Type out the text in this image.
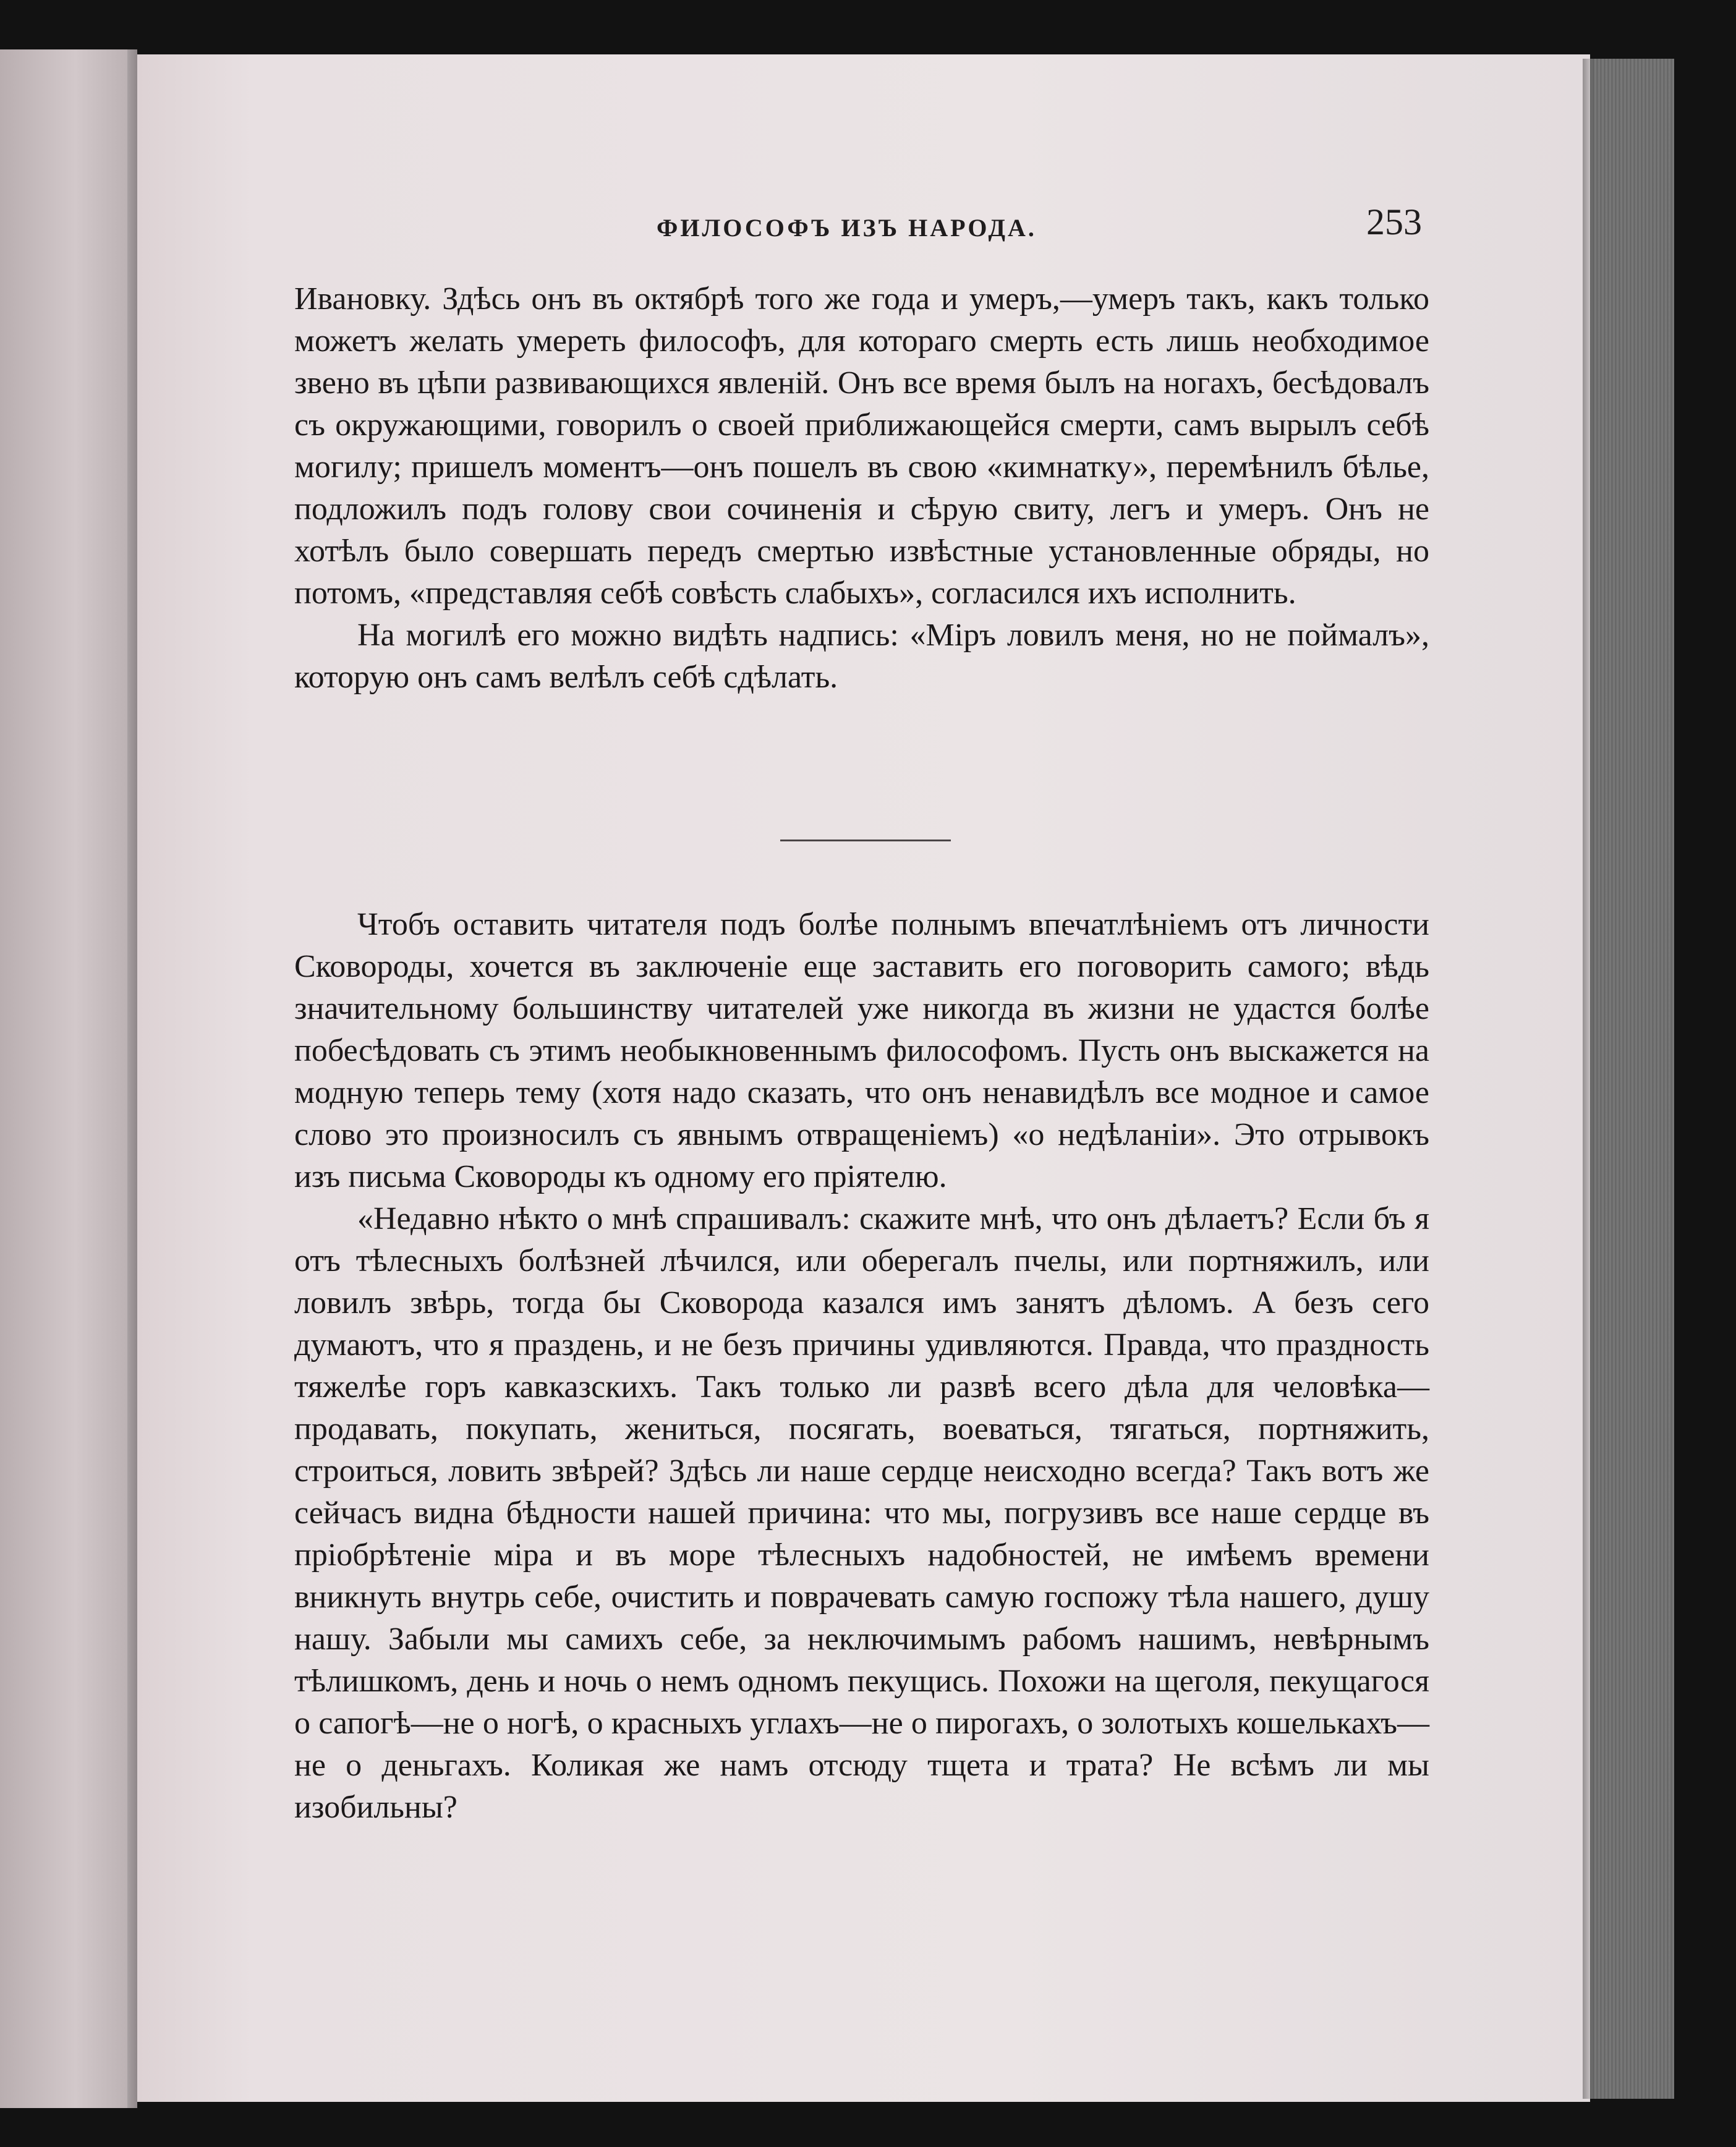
ФИЛОСОФЪ ИЗЪ НАРОДА.	253

Ивановку. Здѣсь онъ въ октябрѣ того же года и умеръ,—умеръ такъ, какъ только можетъ желать умереть философъ, для котораго смерть есть лишь необходимое звено въ цѣпи развивающихся явленій. Онъ все время былъ на ногахъ, бесѣдовалъ съ окружающими, говорилъ о своей приближающейся смерти, самъ вырылъ себѣ могилу; пришелъ моментъ—онъ пошелъ въ свою «кимнатку», перемѣнилъ бѣлье, подложилъ подъ голову свои сочиненія и сѣрую свиту, легъ и умеръ. Онъ не хотѣлъ было совершать передъ смертью извѣстные установленные обряды, но потомъ, «представляя себѣ совѣсть слабыхъ», согласился ихъ исполнить.

На могилѣ его можно видѣть надпись: «Міръ ловилъ меня, но не поймалъ», которую онъ самъ велѣлъ себѣ сдѣлать.

Чтобъ оставить читателя подъ болѣе полнымъ впечатлѣніемъ отъ личности Сковороды, хочется въ заключеніе еще заставить его поговорить самого; вѣдь значительному большинству читателей уже никогда въ жизни не удастся болѣе побесѣдовать съ этимъ необыкновеннымъ философомъ. Пусть онъ выскажется на модную теперь тему (хотя надо сказать, что онъ ненавидѣлъ все модное и самое слово это произносилъ съ явнымъ отвращеніемъ) «о недѣланіи». Это отрывокъ изъ письма Сковороды къ одному его пріятелю.

«Недавно нѣкто о мнѣ спрашивалъ: скажите мнѣ, что онъ дѣлаетъ? Если бъ я отъ тѣлесныхъ болѣзней лѣчился, или оберегалъ пчелы, или портняжилъ, или ловилъ звѣрь, тогда бы Сковорода казался имъ занятъ дѣломъ. А безъ сего думаютъ, что я праздень, и не безъ причины удивляются. Правда, что праздность тяжелѣе горъ кавказскихъ. Такъ только ли развѣ всего дѣла для человѣка—продавать, покупать, жениться, посягать, воеваться, тягаться, портняжить, строиться, ловить звѣрей? Здѣсь ли наше сердце неисходно всегда? Такъ вотъ же сейчасъ видна бѣдности нашей причина: что мы, погрузивъ все наше сердце въ пріобрѣтеніе міра и въ море тѣлесныхъ надобностей, не имѣемъ времени вникнуть внутрь себе, очистить и поврачевать самую госпожу тѣла нашего, душу нашу. Забыли мы самихъ себе, за неключимымъ рабомъ нашимъ, невѣрнымъ тѣлишкомъ, день и ночь о немъ одномъ пекущись. Похожи на щеголя, пекущагося о сапогѣ—не о ногѣ, о красныхъ углахъ—не о пирогахъ, о золотыхъ кошелькахъ—не о деньгахъ. Коликая же намъ отсюду тщета и трата? Не всѣмъ ли мы изобильны?
